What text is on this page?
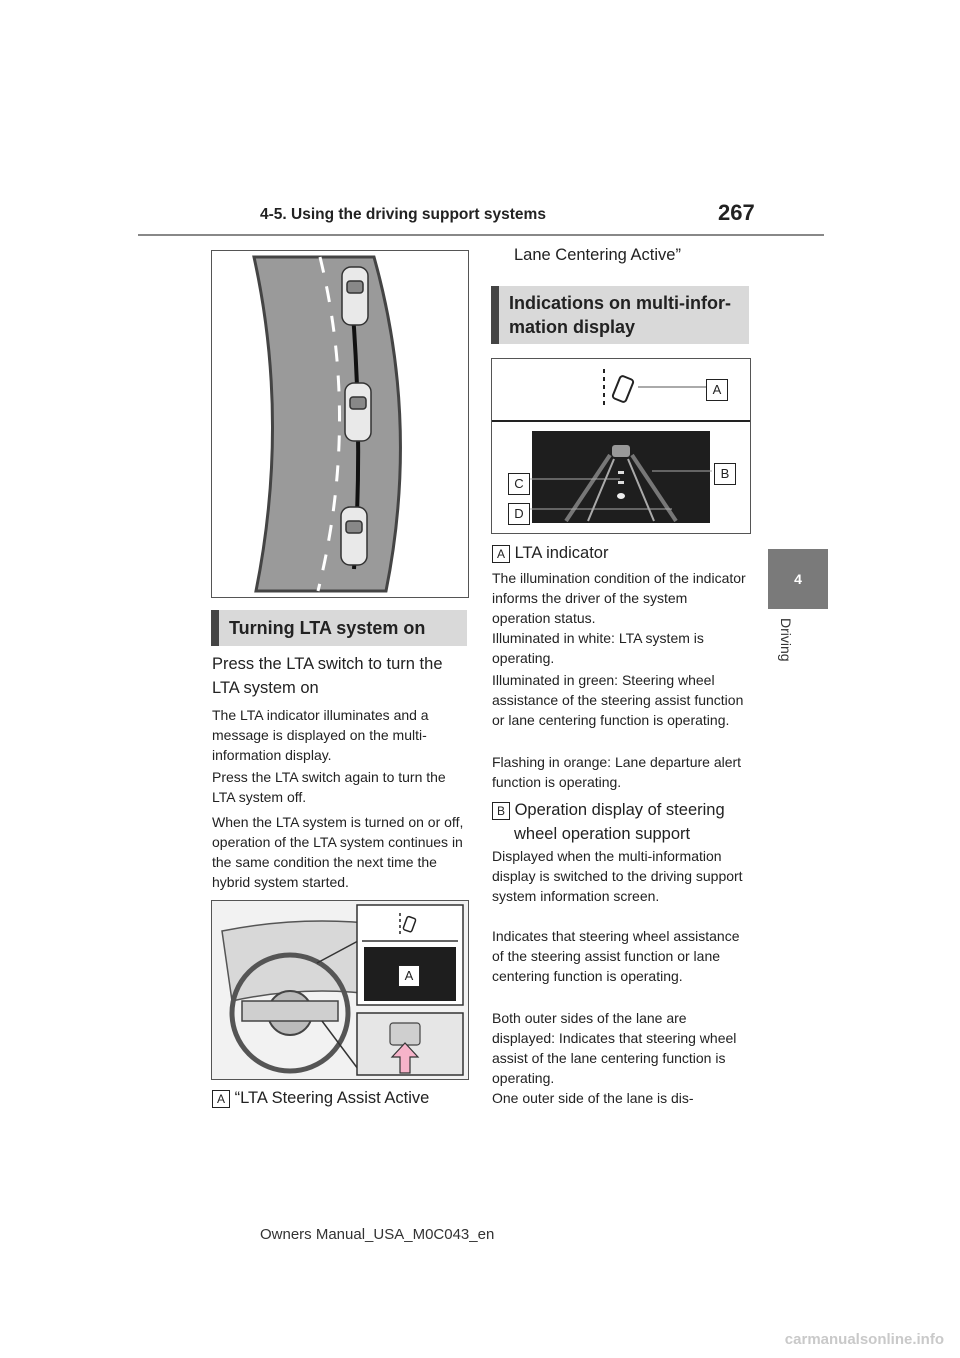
4-5. Using the driving support systems	267
4
Driving
Turning LTA system on
Press the LTA switch to turn the LTA system on
The LTA indicator illuminates and a message is displayed on the multi-information display.
Press the LTA switch again to turn the LTA system off.
When the LTA system is turned on or off, operation of the LTA system continues in the same condition the next time the hybrid system started.
A
A “LTA Steering Assist Active
Lane Centering Active”
Indications on multi-infor-
mation display
A
B
C
D
A LTA indicator
The illumination condition of the indicator informs the driver of the system operation status.
Illuminated in white: LTA system is operating.
Illuminated in green: Steering wheel assistance of the steering assist function or lane centering function is operating.
Flashing in orange: Lane departure alert function is operating.
B Operation display of steering
wheel operation support
Displayed when the multi-information display is switched to the driving support system information screen.
Indicates that steering wheel assistance of the steering assist function or lane centering function is operating.
Both outer sides of the lane are displayed: Indicates that steering wheel assist of the lane centering function is operating.
One outer side of the lane is dis-
Owners Manual_USA_M0C043_en
carmanualsonline.info
